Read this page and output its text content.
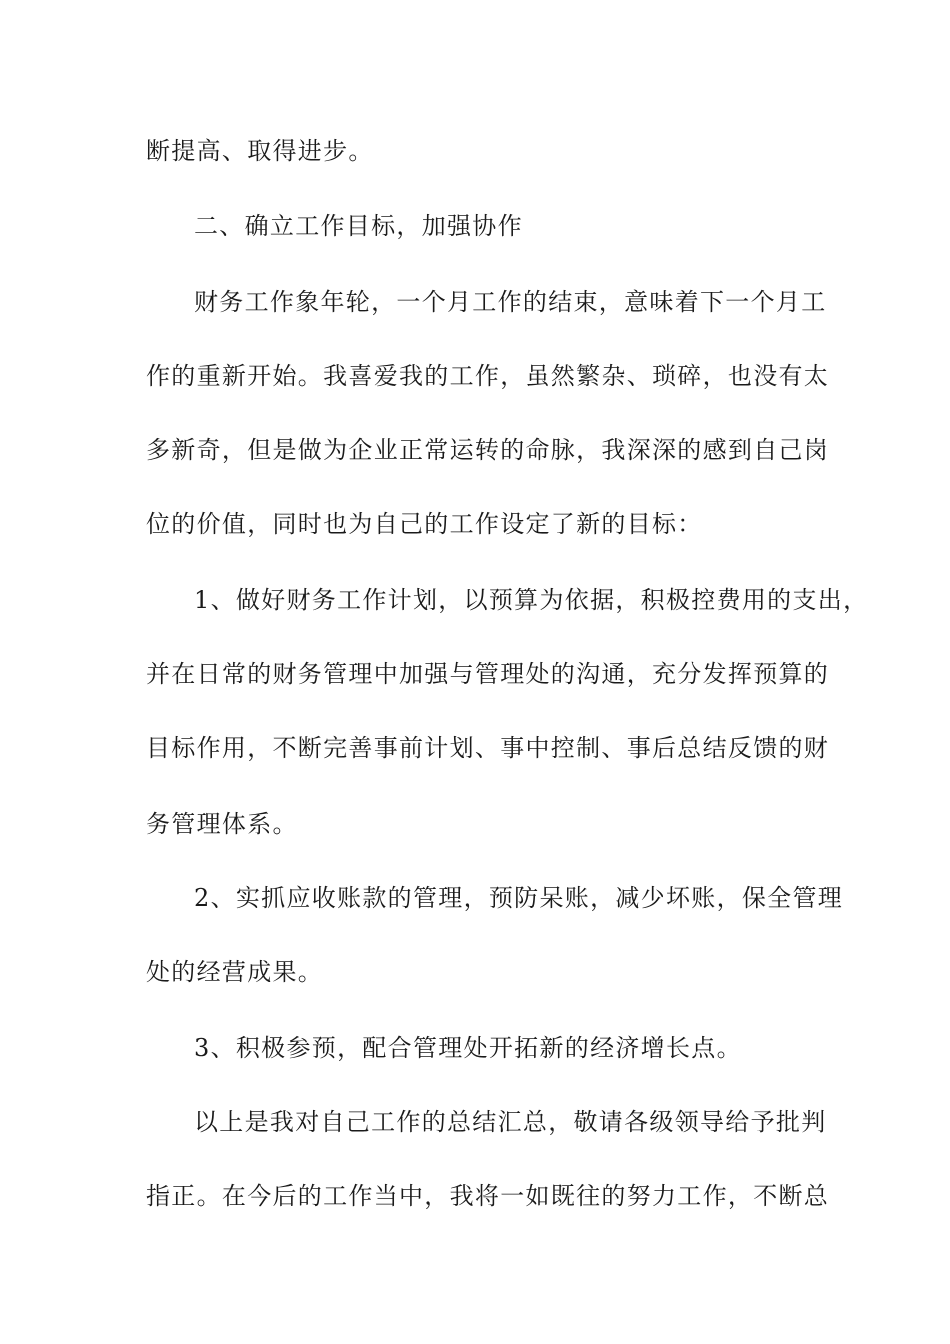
断提高、取得进步。
二、确立工作目标，加强协作
财务工作象年轮，一个月工作的结束，意味着下一个月工
作的重新开始。我喜爱我的工作，虽然繁杂、琐碎，也没有太
多新奇，但是做为企业正常运转的命脉，我深深的感到自己岗
位的价值，同时也为自己的工作设定了新的目标：
1、做好财务工作计划，以预算为依据，积极控费用的支出，
并在日常的财务管理中加强与管理处的沟通，充分发挥预算的
目标作用，不断完善事前计划、事中控制、事后总结反馈的财
务管理体系。
2、实抓应收账款的管理，预防呆账，减少坏账，保全管理
处的经营成果。
3、积极参预，配合管理处开拓新的经济增长点。
以上是我对自己工作的总结汇总，敬请各级领导给予批判
指正。在今后的工作当中，我将一如既往的努力工作，不断总
